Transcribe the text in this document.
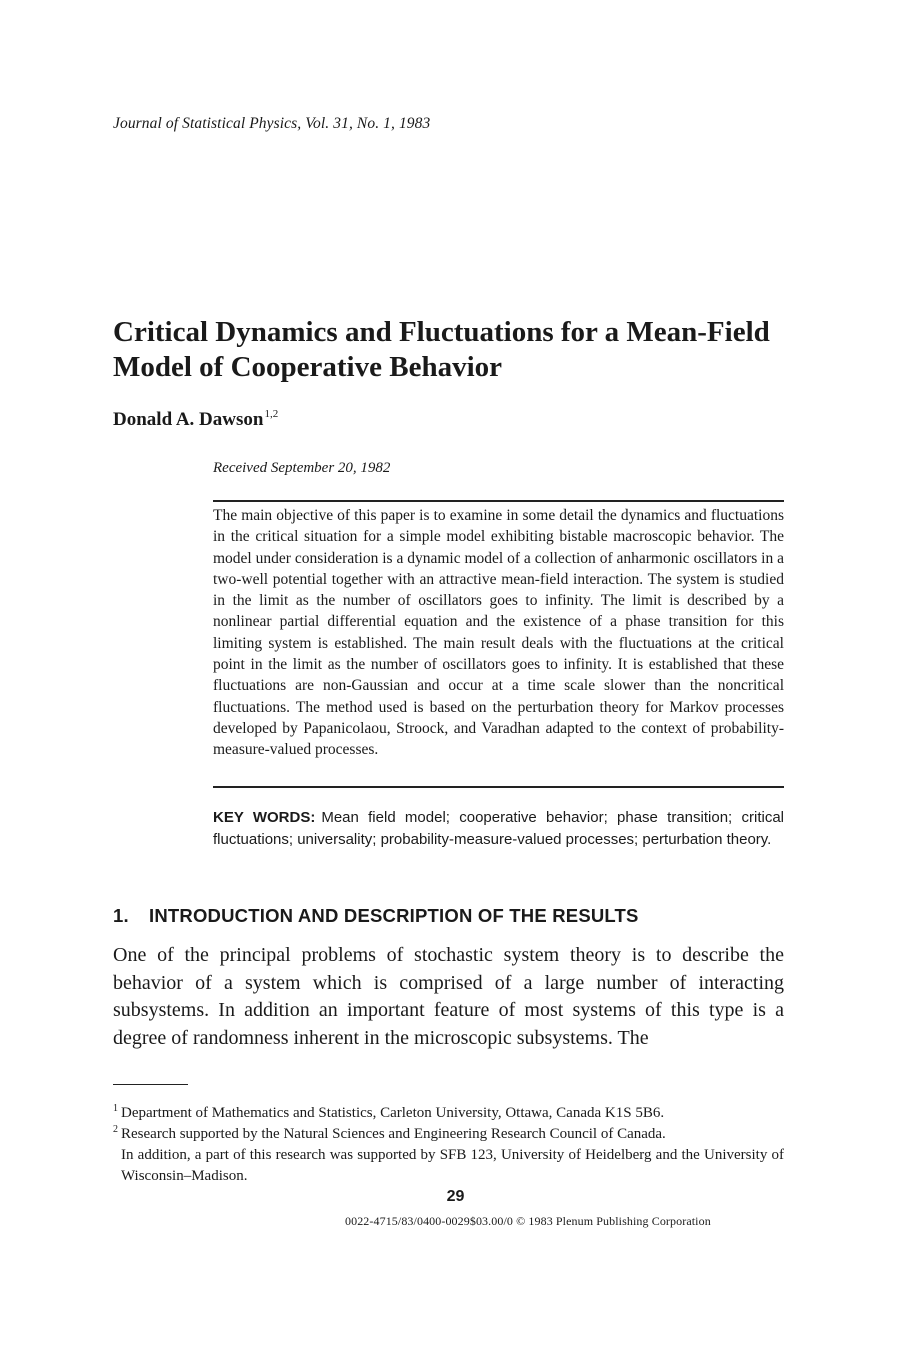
Journal of Statistical Physics, Vol. 31, No. 1, 1983
Critical Dynamics and Fluctuations for a Mean-Field
Model of Cooperative Behavior
Donald A. Dawson$^{1,2}$
Received September 20, 1982
The main objective of this paper is to examine in some detail the dynamics and fluctuations in the critical situation for a simple model exhibiting bistable macroscopic behavior. The model under consideration is a dynamic model of a collection of anharmonic oscillators in a two-well potential together with an attractive mean-field interaction. The system is studied in the limit as the number of oscillators goes to infinity. The limit is described by a nonlinear partial differential equation and the existence of a phase transition for this limiting system is established. The main result deals with the fluctuations at the critical point in the limit as the number of oscillators goes to infinity. It is established that these fluctuations are non-Gaussian and occur at a time scale slower than the noncritical fluctuations. The method used is based on the perturbation theory for Markov processes developed by Papanicolaou, Stroock, and Varadhan adapted to the context of probability-measure-valued processes.
KEY WORDS: Mean field model; cooperative behavior; phase transition; critical fluctuations; universality; probability-measure-valued processes; perturbation theory.
1. INTRODUCTION AND DESCRIPTION OF THE RESULTS
One of the principal problems of stochastic system theory is to describe the behavior of a system which is comprised of a large number of interacting subsystems. In addition an important feature of most systems of this type is a degree of randomness inherent in the microscopic subsystems. The
$^1$ Department of Mathematics and Statistics, Carleton University, Ottawa, Canada K1S 5B6.
$^2$ Research supported by the Natural Sciences and Engineering Research Council of Canada.
In addition, a part of this research was supported by SFB 123, University of Heidelberg and the University of Wisconsin–Madison.
29
0022-4715/83/0400-0029$03.00/0 © 1983 Plenum Publishing Corporation
